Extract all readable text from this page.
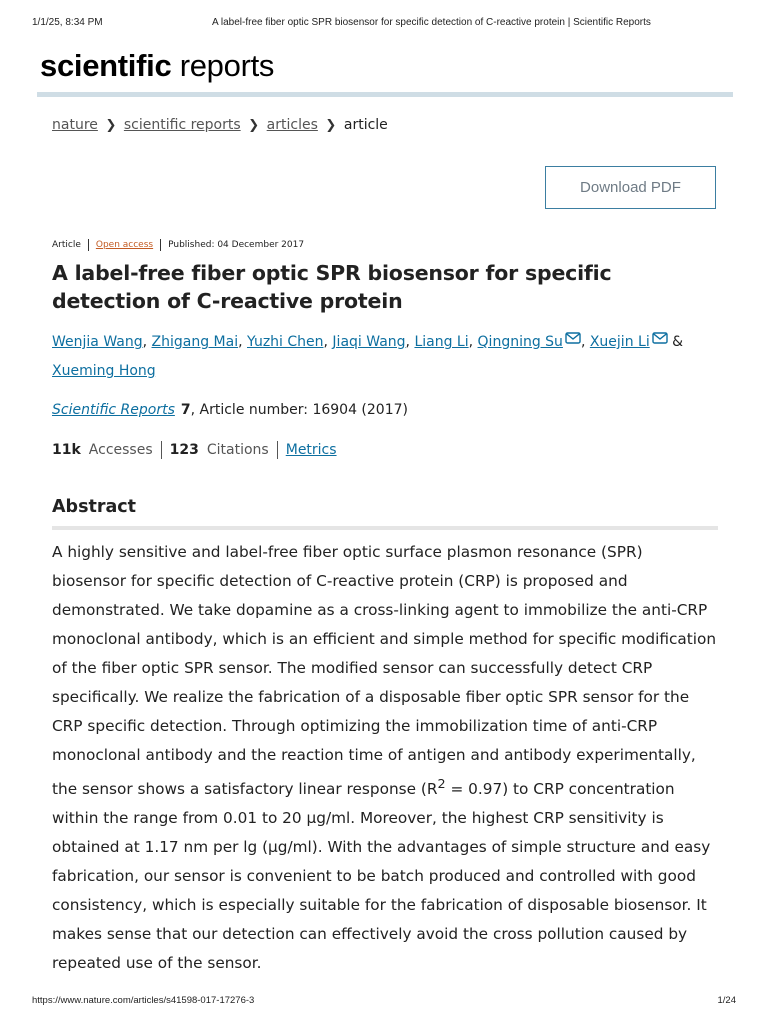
1/1/25, 8:34 PM	A label-free fiber optic SPR biosensor for specific detection of C-reactive protein | Scientific Reports
scientific reports
nature ❯ scientific reports ❯ articles ❯ article
Download PDF
Article Open access Published: 04 December 2017
A label-free fiber optic SPR biosensor for specific detection of C-reactive protein
Wenjia Wang, Zhigang Mai, Yuzhi Chen, Jiaqi Wang, Liang Li, Qingning Su , Xuejin Li &
Xueming Hong
Scientific Reports 7, Article number: 16904 (2017)
11k Accesses 123 Citations Metrics
Abstract

A highly sensitive and label-free fiber optic surface plasmon resonance (SPR) biosensor for specific detection of C-reactive protein (CRP) is proposed and demonstrated. We take dopamine as a cross-linking agent to immobilize the anti-CRP monoclonal antibody, which is an efficient and simple method for specific modification of the fiber optic SPR sensor. The modified sensor can successfully detect CRP specifically. We realize the fabrication of a disposable fiber optic SPR sensor for the CRP specific detection. Through optimizing the immobilization time of anti-CRP monoclonal antibody and the reaction time of antigen and antibody experimentally, the sensor shows a satisfactory linear response $(R^2 = 0.97)$ to CRP concentration within the range from 0.01 to 20 µg/ml. Moreover, the highest CRP sensitivity is obtained at 1.17 nm per lg (µg/ml). With the advantages of simple structure and easy fabrication, our sensor is convenient to be batch produced and controlled with good consistency, which is especially suitable for the fabrication of disposable biosensor. It makes sense that our detection can effectively avoid the cross pollution caused by repeated use of the sensor.

https://www.nature.com/articles/s41598-017-17276-3	1/24
